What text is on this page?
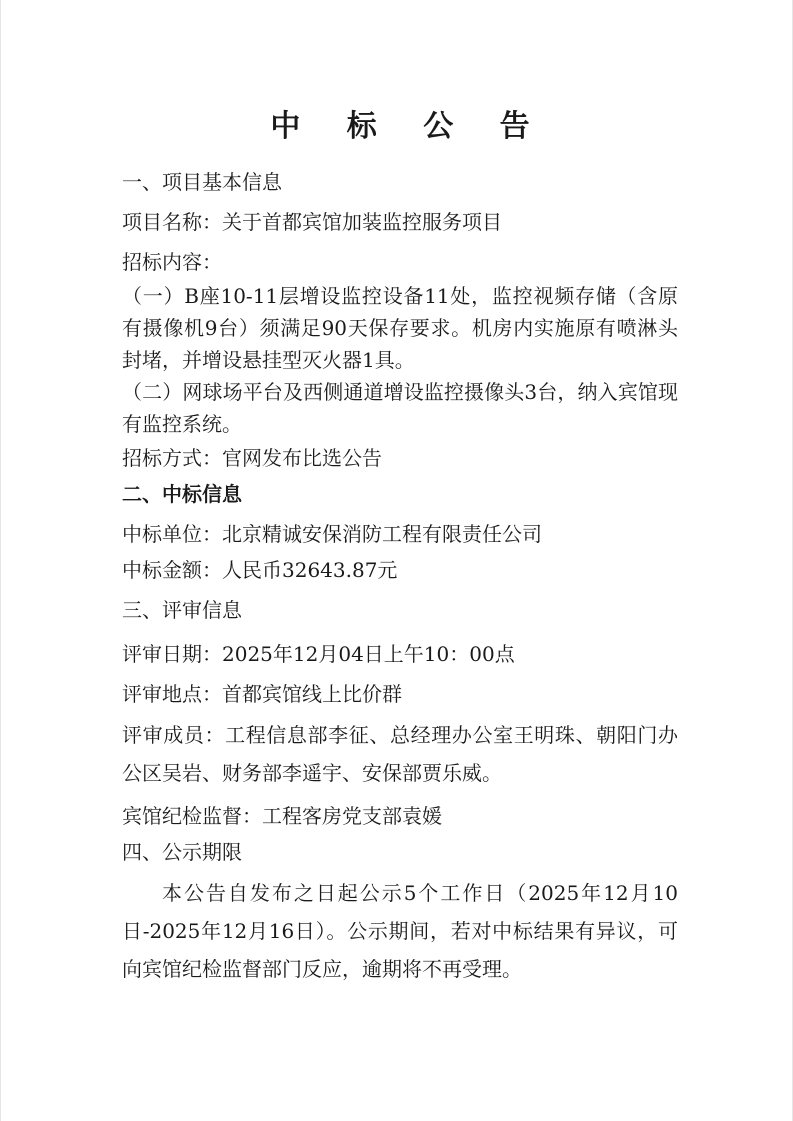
中 标 公 告
一、项目基本信息
项目名称：关于首都宾馆加装监控服务项目
招标内容：
（一）B座10-11层增设监控设备11处，监控视频存储（含原有摄像机9台）须满足90天保存要求。机房内实施原有喷淋头封堵，并增设悬挂型灭火器1具。
（二）网球场平台及西侧通道增设监控摄像头3台，纳入宾馆现有监控系统。
招标方式：官网发布比选公告
二、中标信息
中标单位：北京精诚安保消防工程有限责任公司
中标金额：人民币32643.87元
三、评审信息
评审日期：2025年12月04日上午10：00点
评审地点：首都宾馆线上比价群
评审成员：工程信息部李征、总经理办公室王明珠、朝阳门办公区吴岩、财务部李遥宇、安保部贾乐威。
宾馆纪检监督：工程客房党支部袁媛
四、公示期限
本公告自发布之日起公示5个工作日（2025年12月10日-2025年12月16日）。公示期间，若对中标结果有异议，可向宾馆纪检监督部门反应，逾期将不再受理。
